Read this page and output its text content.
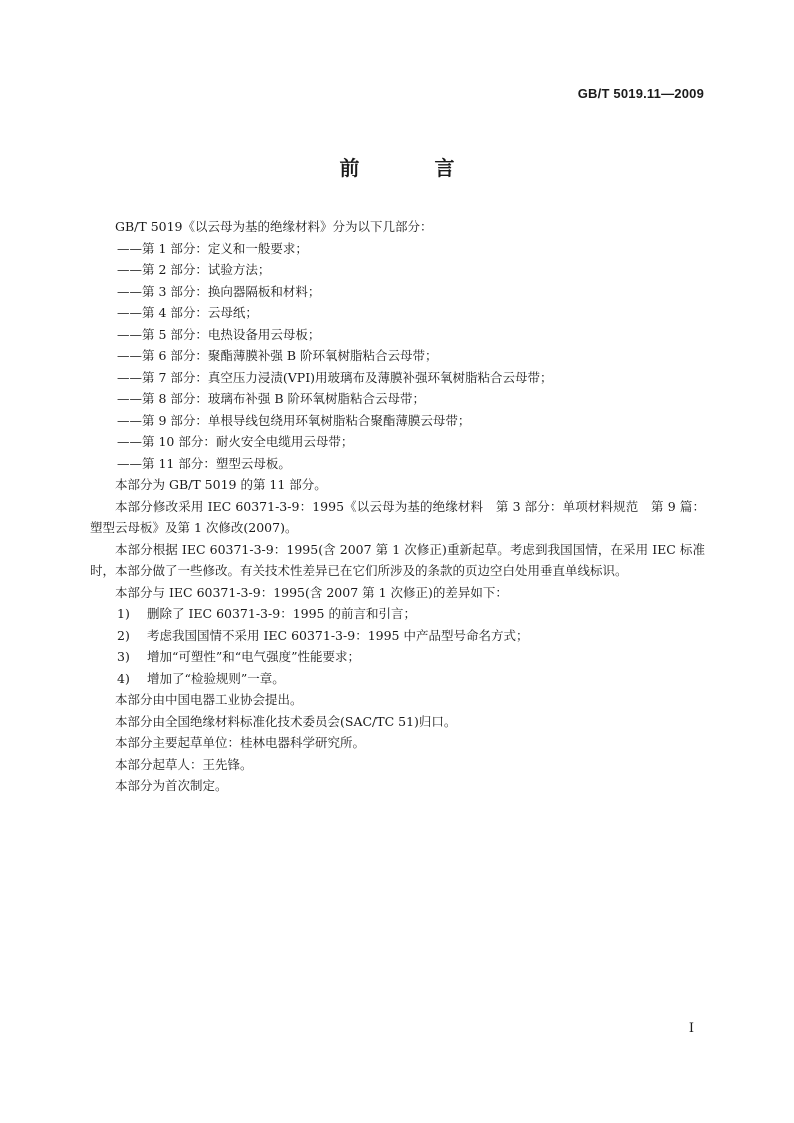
GB/T 5019.11—2009
前 言

GB/T 5019《以云母为基的绝缘材料》分为以下几部分：

——第 1 部分：定义和一般要求；

——第 2 部分：试验方法；

——第 3 部分：换向器隔板和材料；

——第 4 部分：云母纸；

——第 5 部分：电热设备用云母板；

——第 6 部分：聚酯薄膜补强 B 阶环氧树脂粘合云母带；

——第 7 部分：真空压力浸渍(VPI)用玻璃布及薄膜补强环氧树脂粘合云母带；

——第 8 部分：玻璃布补强 B 阶环氧树脂粘合云母带；

——第 9 部分：单根导线包绕用环氧树脂粘合聚酯薄膜云母带；

——第 10 部分：耐火安全电缆用云母带；

——第 11 部分：塑型云母板。

本部分为 GB/T 5019 的第 11 部分。

本部分修改采用 IEC 60371-3-9：1995《以云母为基的绝缘材料　第 3 部分：单项材料规范　第 9 篇：塑型云母板》及第 1 次修改(2007)。

本部分根据 IEC 60371-3-9：1995(含 2007 第 1 次修正)重新起草。考虑到我国国情，在采用 IEC 标准时，本部分做了一些修改。有关技术性差异已在它们所涉及的条款的页边空白处用垂直单线标识。

本部分与 IEC 60371-3-9：1995(含 2007 第 1 次修正)的差异如下：

1) 删除了 IEC 60371-3-9：1995 的前言和引言；

2) 考虑我国国情不采用 IEC 60371-3-9：1995 中产品型号命名方式；

3) 增加“可塑性”和“电气强度”性能要求；

4) 增加了“检验规则”一章。

本部分由中国电器工业协会提出。

本部分由全国绝缘材料标准化技术委员会(SAC/TC 51)归口。

本部分主要起草单位：桂林电器科学研究所。

本部分起草人：王先锋。

本部分为首次制定。

I
